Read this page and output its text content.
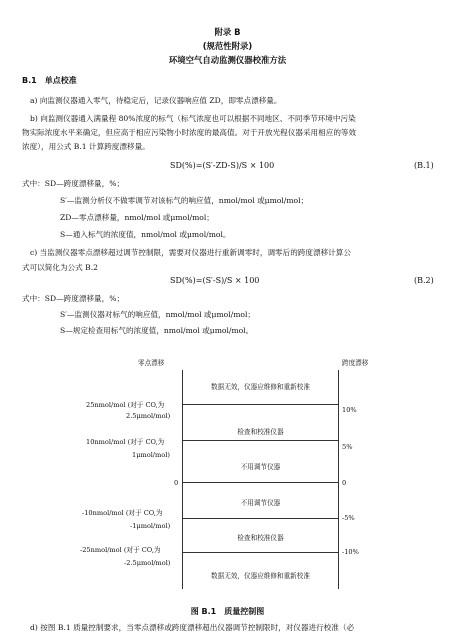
附录 B
(规范性附录)
环境空气自动监测仪器校准方法
B.1　单点校准
a) 向监测仪器通入零气，待稳定后，记录仪器响应值 ZD，即零点漂移量。
b) 向监测仪器通入满量程 80%浓度的标气（标气浓度也可以根据不同地区、不同季节环境中污染
物实际浓度水平来确定，但应高于相应污染物小时浓度的最高值。对于开放光程仪器采用相应的等效
浓度），用公式 B.1 计算跨度漂移量。
SD(%)=(S′-ZD-S)/S × 100	(B.1)
式中：SD—跨度漂移量，%；
S′—监测分析仪不做零调节对该标气的响应值，nmol/mol 或μmol/mol；
ZD—零点漂移量，nmol/mol 或μmol/mol；
S—通入标气的浓度值，nmol/mol 或μmol/mol。
c) 当监测仪器零点漂移超过调节控制限，需要对仪器进行重新调零时，调零后的跨度漂移计算公
式可以简化为公式 B.2
SD(%)=(S′-S)/S × 100	(B.2)
式中：SD—跨度漂移量，%；
S′—监测仪器对标气的响应值，nmol/mol 或μmol/mol；
S—规定检查用标气的浓度值，nmol/mol 或μmol/mol。
零点漂移	跨度漂移
数据无效，仪器应维修和重新校准
检查和校准仪器
不用调节仪器
不用调节仪器
检查和校准仪器
数据无效，仪器应维修和重新校准
25nmol/mol (对于 CO,为
2.5μmol/mol)
10nmol/mol (对于 CO,为
1μmol/mol)
0
-10nmol/mol (对于 CO,为
-1μmol/mol)
-25nmol/mol (对于 CO,为
-2.5μmol/mol)
10%
5%
0
-5%
-10%
图 B.1　质量控制图
d) 按图 B.1 质量控制要求，当零点漂移或跨度漂移超出仪器调节控制限时，对仪器进行校准（必
